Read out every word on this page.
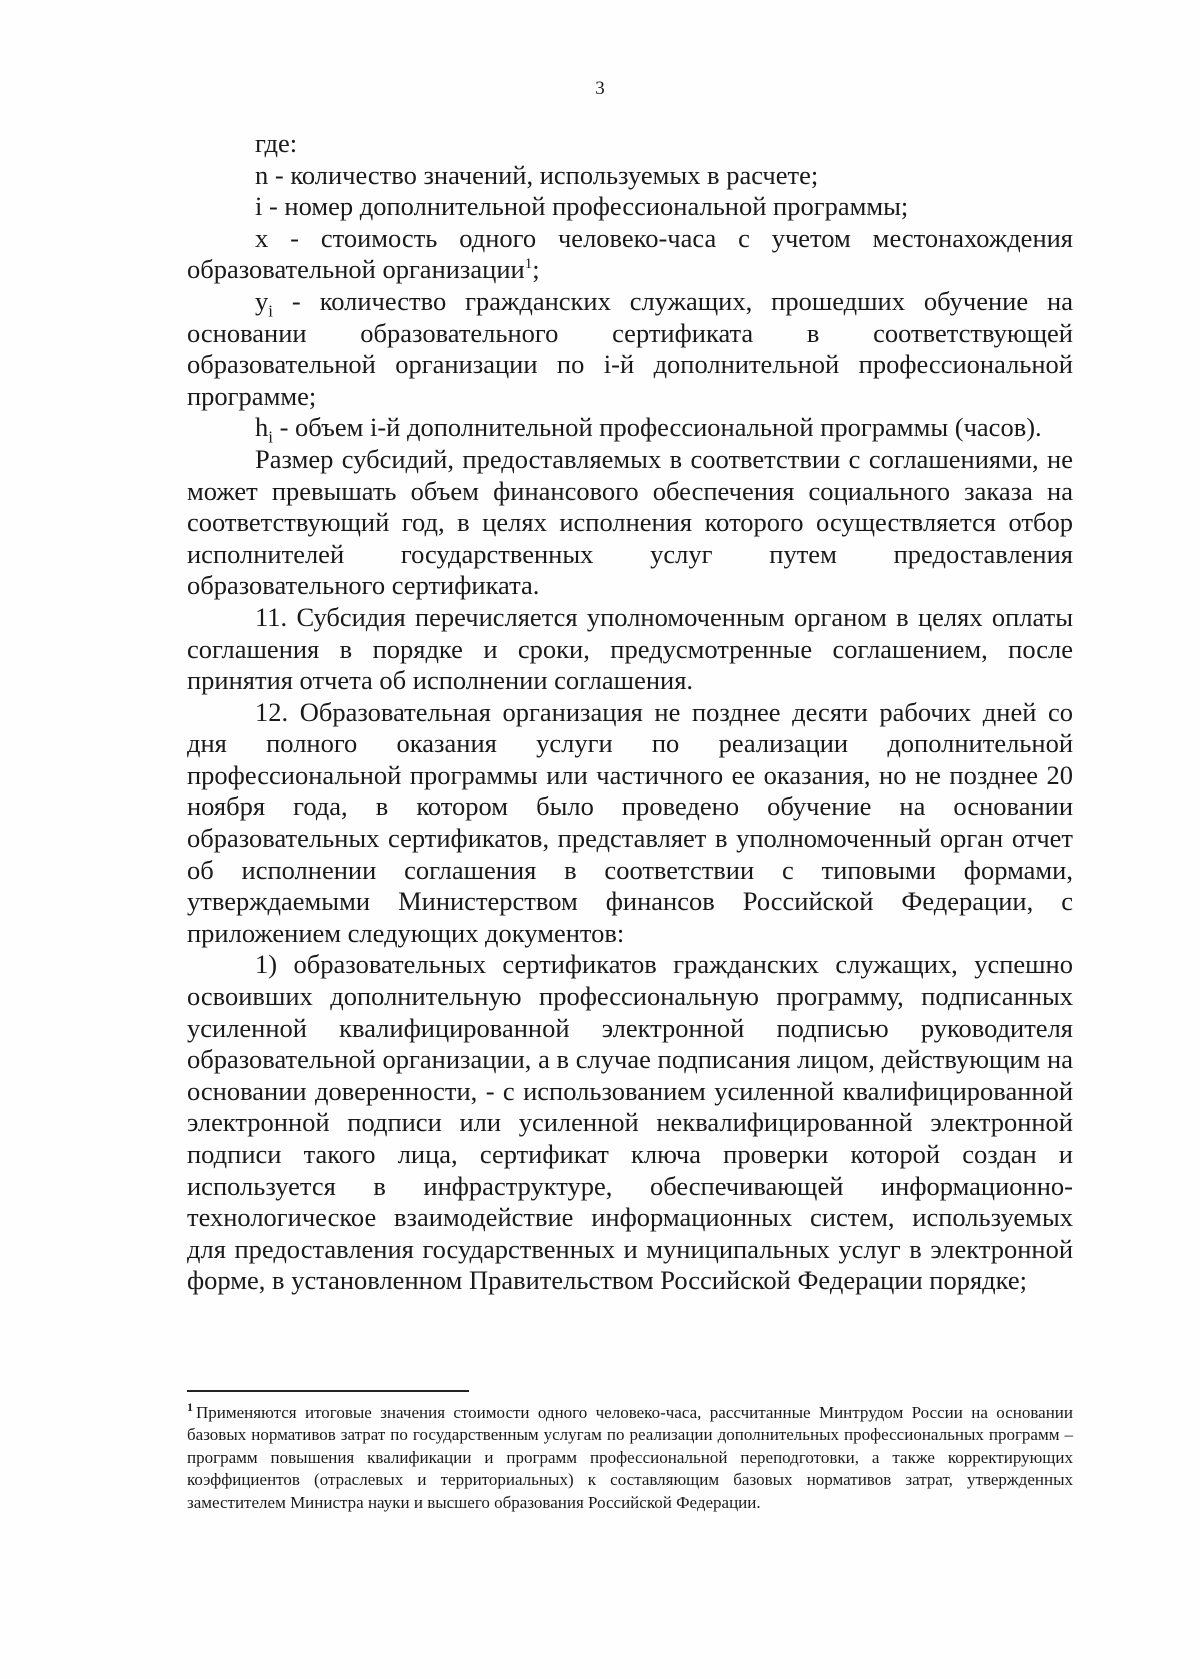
3

где:

n - количество значений, используемых в расчете;

i - номер дополнительной профессиональной программы;

x - стоимость одного человеко-часа с учетом местонахождения образовательной организации$^1$;

$y_i$ - количество гражданских служащих, прошедших обучение на основании образовательного сертификата в соответствующей образовательной организации по i-й дополнительной профессиональной программе;

$h_i$ - объем i-й дополнительной профессиональной программы (часов).

Размер субсидий, предоставляемых в соответствии с соглашениями, не может превышать объем финансового обеспечения социального заказа на соответствующий год, в целях исполнения которого осуществляется отбор исполнителей государственных услуг путем предоставления образовательного сертификата.

11. Субсидия перечисляется уполномоченным органом в целях оплаты соглашения в порядке и сроки, предусмотренные соглашением, после принятия отчета об исполнении соглашения.

12. Образовательная организация не позднее десяти рабочих дней со дня полного оказания услуги по реализации дополнительной профессиональной программы или частичного ее оказания, но не позднее 20 ноября года, в котором было проведено обучение на основании образовательных сертификатов, представляет в уполномоченный орган отчет об исполнении соглашения в соответствии с типовыми формами, утверждаемыми Министерством финансов Российской Федерации, с приложением следующих документов:

1) образовательных сертификатов гражданских служащих, успешно освоивших дополнительную профессиональную программу, подписанных усиленной квалифицированной электронной подписью руководителя образовательной организации, а в случае подписания лицом, действующим на основании доверенности, - с использованием усиленной квалифицированной электронной подписи или усиленной неквалифицированной электронной подписи такого лица, сертификат ключа проверки которой создан и используется в инфраструктуре, обеспечивающей информационно-технологическое взаимодействие информационных систем, используемых для предоставления государственных и муниципальных услуг в электронной форме, в установленном Правительством Российской Федерации порядке;

$^1$ Применяются итоговые значения стоимости одного человеко-часа, рассчитанные Минтрудом России на основании базовых нормативов затрат по государственным услугам по реализации дополнительных профессиональных программ – программ повышения квалификации и программ профессиональной переподготовки, а также корректирующих коэффициентов (отраслевых и территориальных) к составляющим базовых нормативов затрат, утвержденных заместителем Министра науки и высшего образования Российской Федерации.
